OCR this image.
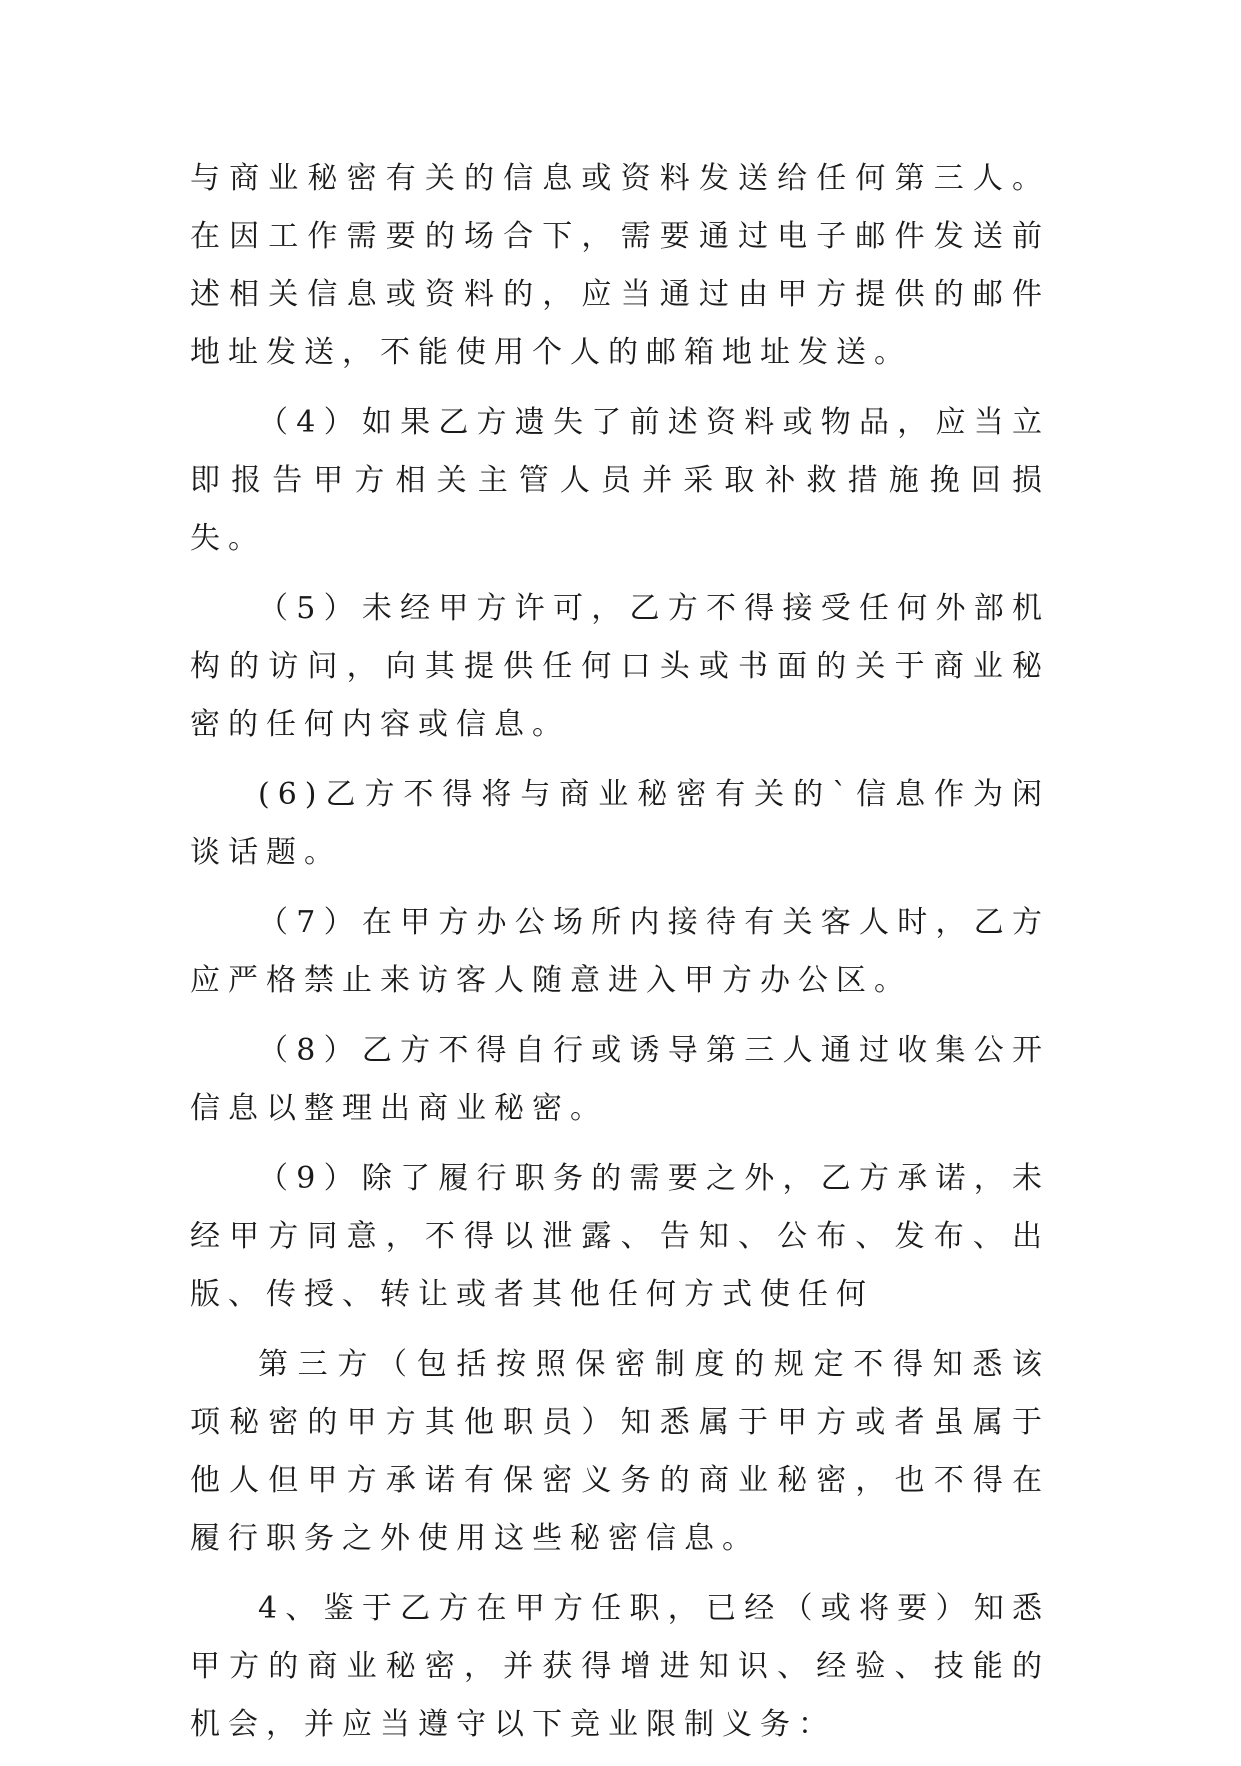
与商业秘密有关的信息或资料发送给任何第三人。在因工作需要的场合下，需要通过电子邮件发送前述相关信息或资料的，应当通过由甲方提供的邮件地址发送，不能使用个人的邮箱地址发送。

（4）如果乙方遗失了前述资料或物品，应当立即报告甲方相关主管人员并采取补救措施挽回损失。

（5）未经甲方许可，乙方不得接受任何外部机构的访问，向其提供任何口头或书面的关于商业秘密的任何内容或信息。

(6)乙方不得将与商业秘密有关的`信息作为闲谈话题。

（7）在甲方办公场所内接待有关客人时，乙方应严格禁止来访客人随意进入甲方办公区。

（8）乙方不得自行或诱导第三人通过收集公开信息以整理出商业秘密。

（9）除了履行职务的需要之外，乙方承诺，未经甲方同意，不得以泄露、告知、公布、发布、出版、传授、转让或者其他任何方式使任何

第三方（包括按照保密制度的规定不得知悉该项秘密的甲方其他职员）知悉属于甲方或者虽属于他人但甲方承诺有保密义务的商业秘密，也不得在履行职务之外使用这些秘密信息。

4、鉴于乙方在甲方任职，已经（或将要）知悉甲方的商业秘密，并获得增进知识、经验、技能的机会，并应当遵守以下竞业限制义务：
